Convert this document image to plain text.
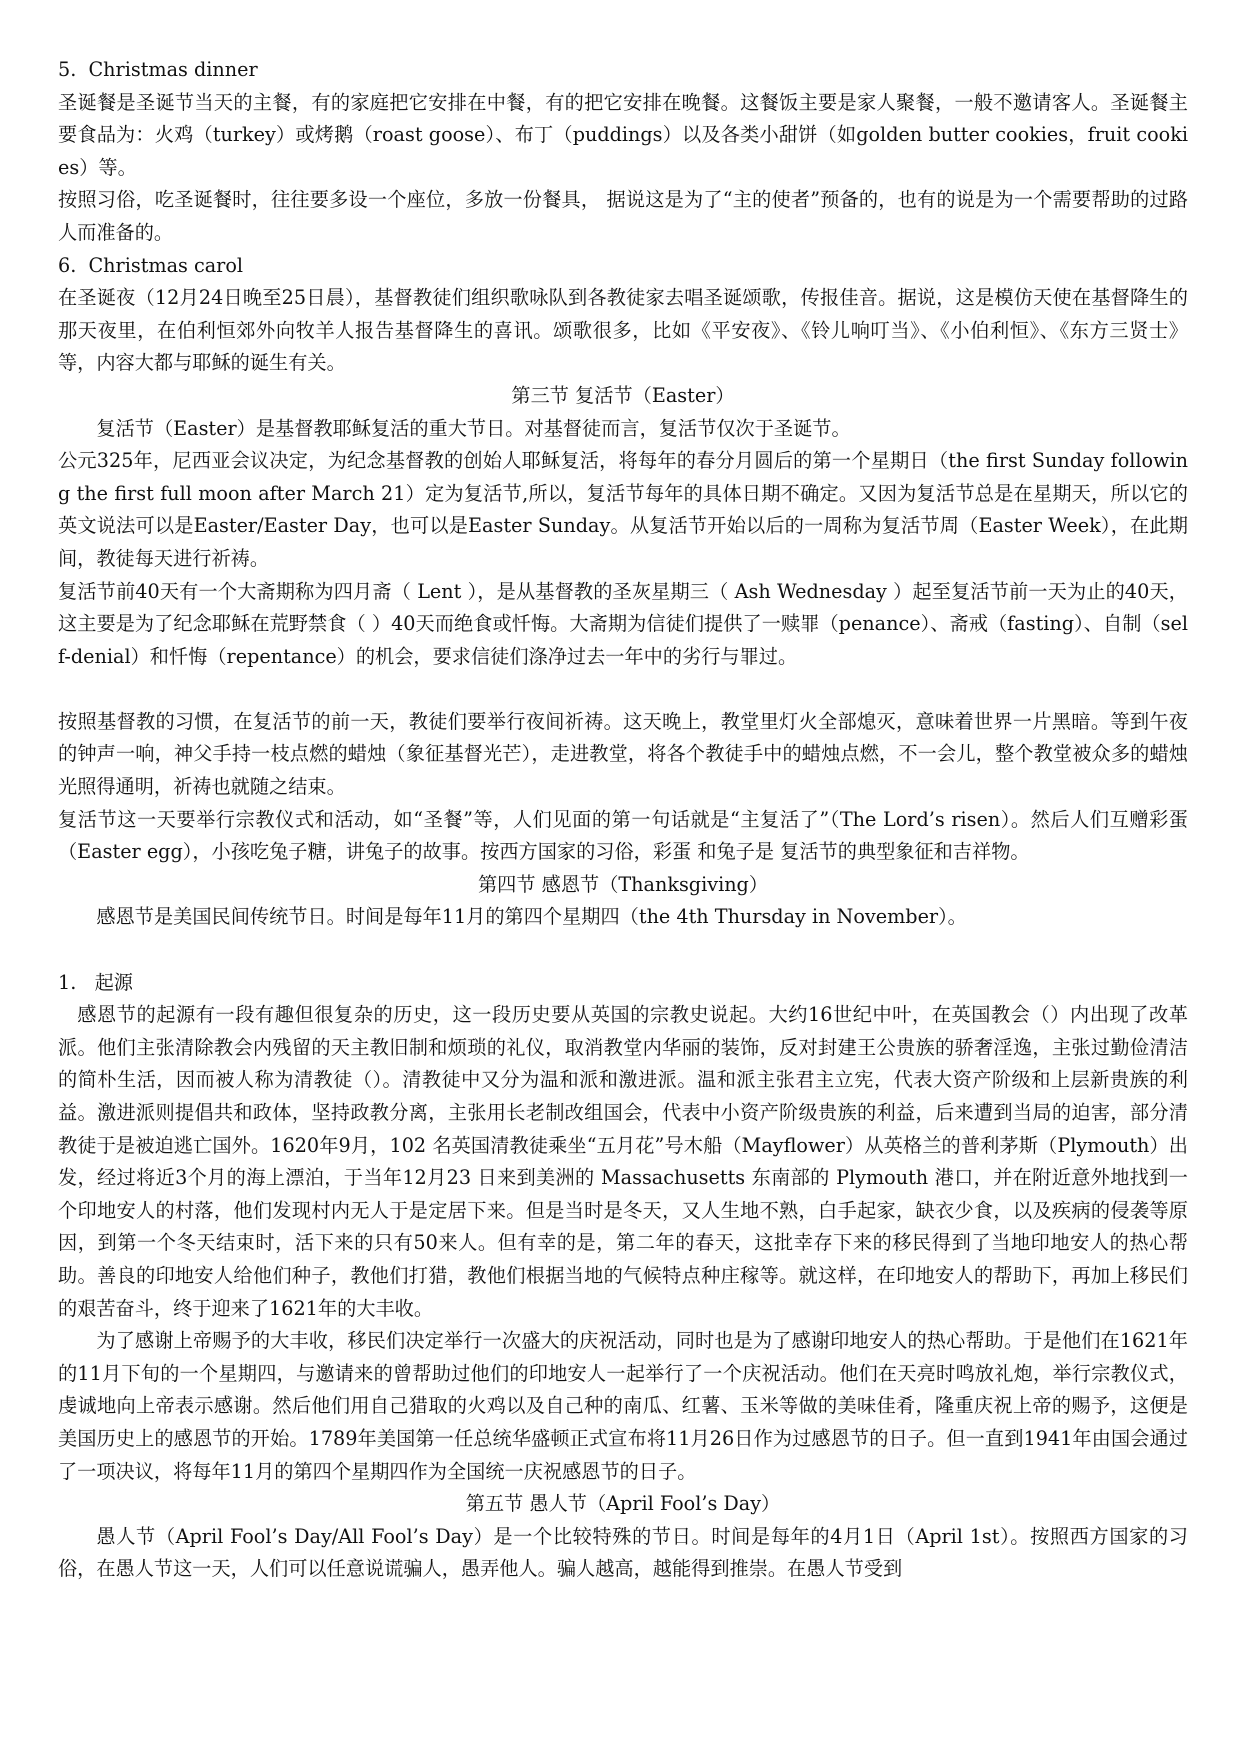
5.  Christmas dinner

圣诞餐是圣诞节当天的主餐，有的家庭把它安排在中餐，有的把它安排在晚餐。这餐饭主要是家人聚餐，一般不邀请客人。圣诞餐主要食品为：火鸡（turkey）或烤鹅（roast goose）、布丁（puddings）以及各类小甜饼（如golden butter cookies，fruit cookies）等。

按照习俗，吃圣诞餐时，往往要多设一个座位，多放一份餐具， 据说这是为了“主的使者”预备的，也有的说是为一个需要帮助的过路人而准备的。

6.  Christmas carol

在圣诞夜（12月24日晚至25日晨），基督教徒们组织歌咏队到各教徒家去唱圣诞颂歌，传报佳音。据说，这是模仿天使在基督降生的那天夜里，在伯利恒郊外向牧羊人报告基督降生的喜讯。颂歌很多，比如《平安夜》、《铃儿响叮当》、《小伯利恒》、《东方三贤士》等，内容大都与耶稣的诞生有关。

第三节 复活节（Easter）

复活节（Easter）是基督教耶稣复活的重大节日。对基督徒而言，复活节仅次于圣诞节。

公元325年，尼西亚会议决定，为纪念基督教的创始人耶稣复活，将每年的春分月圆后的第一个星期日（the first Sunday following the first full moon after March 21）定为复活节,所以，复活节每年的具体日期不确定。又因为复活节总是在星期天，所以它的英文说法可以是Easter/Easter Day，也可以是Easter Sunday。从复活节开始以后的一周称为复活节周（Easter Week），在此期间，教徒每天进行祈祷。

复活节前40天有一个大斋期称为四月斋（ Lent ），是从基督教的圣灰星期三（ Ash Wednesday ）起至复活节前一天为止的40天，这主要是为了纪念耶稣在荒野禁食（ ）40天而绝食或忏悔。大斋期为信徒们提供了一赎罪（penance）、斋戒（fasting）、自制（self-denial）和忏悔（repentance）的机会，要求信徒们涤净过去一年中的劣行与罪过。

按照基督教的习惯，在复活节的前一天，教徒们要举行夜间祈祷。这天晚上，教堂里灯火全部熄灭，意味着世界一片黑暗。等到午夜的钟声一响，神父手持一枝点燃的蜡烛（象征基督光芒），走进教堂，将各个教徒手中的蜡烛点燃，不一会儿，整个教堂被众多的蜡烛光照得通明，祈祷也就随之结束。

复活节这一天要举行宗教仪式和活动，如“圣餐”等，人们见面的第一句话就是“主复活了”（The Lord’s risen）。然后人们互赠彩蛋（Easter egg），小孩吃兔子糖，讲兔子的故事。按西方国家的习俗，彩蛋 和兔子是 复活节的典型象征和吉祥物。

第四节 感恩节（Thanksgiving）

感恩节是美国民间传统节日。时间是每年11月的第四个星期四（the 4th Thursday in November）。

1.   起源

感恩节的起源有一段有趣但很复杂的历史，这一段历史要从英国的宗教史说起。大约16世纪中叶，在英国教会（）内出现了改革派。他们主张清除教会内残留的天主教旧制和烦琐的礼仪，取消教堂内华丽的装饰，反对封建王公贵族的骄奢淫逸，主张过勤俭清洁的简朴生活，因而被人称为清教徒（）。清教徒中又分为温和派和激进派。温和派主张君主立宪，代表大资产阶级和上层新贵族的利益。激进派则提倡共和政体，坚持政教分离，主张用长老制改组国会，代表中小资产阶级贵族的利益，后来遭到当局的迫害，部分清教徒于是被迫逃亡国外。1620年9月，102 名英国清教徒乘坐“五月花”号木船（Mayflower）从英格兰的普利茅斯（Plymouth）出发，经过将近3个月的海上漂泊，于当年12月23 日来到美洲的 Massachusetts 东南部的 Plymouth 港口，并在附近意外地找到一个印地安人的村落，他们发现村内无人于是定居下来。但是当时是冬天，又人生地不熟，白手起家，缺衣少食，以及疾病的侵袭等原因，到第一个冬天结束时，活下来的只有50来人。但有幸的是，第二年的春天，这批幸存下来的移民得到了当地印地安人的热心帮助。善良的印地安人给他们种子，教他们打猎，教他们根据当地的气候特点种庄稼等。就这样，在印地安人的帮助下，再加上移民们的艰苦奋斗，终于迎来了1621年的大丰收。

为了感谢上帝赐予的大丰收，移民们决定举行一次盛大的庆祝活动，同时也是为了感谢印地安人的热心帮助。于是他们在1621年的11月下旬的一个星期四，与邀请来的曾帮助过他们的印地安人一起举行了一个庆祝活动。他们在天亮时鸣放礼炮，举行宗教仪式，虔诚地向上帝表示感谢。然后他们用自己猎取的火鸡以及自己种的南瓜、红薯、玉米等做的美味佳肴，隆重庆祝上帝的赐予，这便是美国历史上的感恩节的开始。1789年美国第一任总统华盛顿正式宣布将11月26日作为过感恩节的日子。但一直到1941年由国会通过了一项决议，将每年11月的第四个星期四作为全国统一庆祝感恩节的日子。

第五节 愚人节（April Fool’s Day）

愚人节（April Fool’s Day/All Fool’s Day）是一个比较特殊的节日。时间是每年的4月1日（April 1st）。按照西方国家的习俗，在愚人节这一天，人们可以任意说谎骗人，愚弄他人。骗人越高，越能得到推崇。在愚人节受到
